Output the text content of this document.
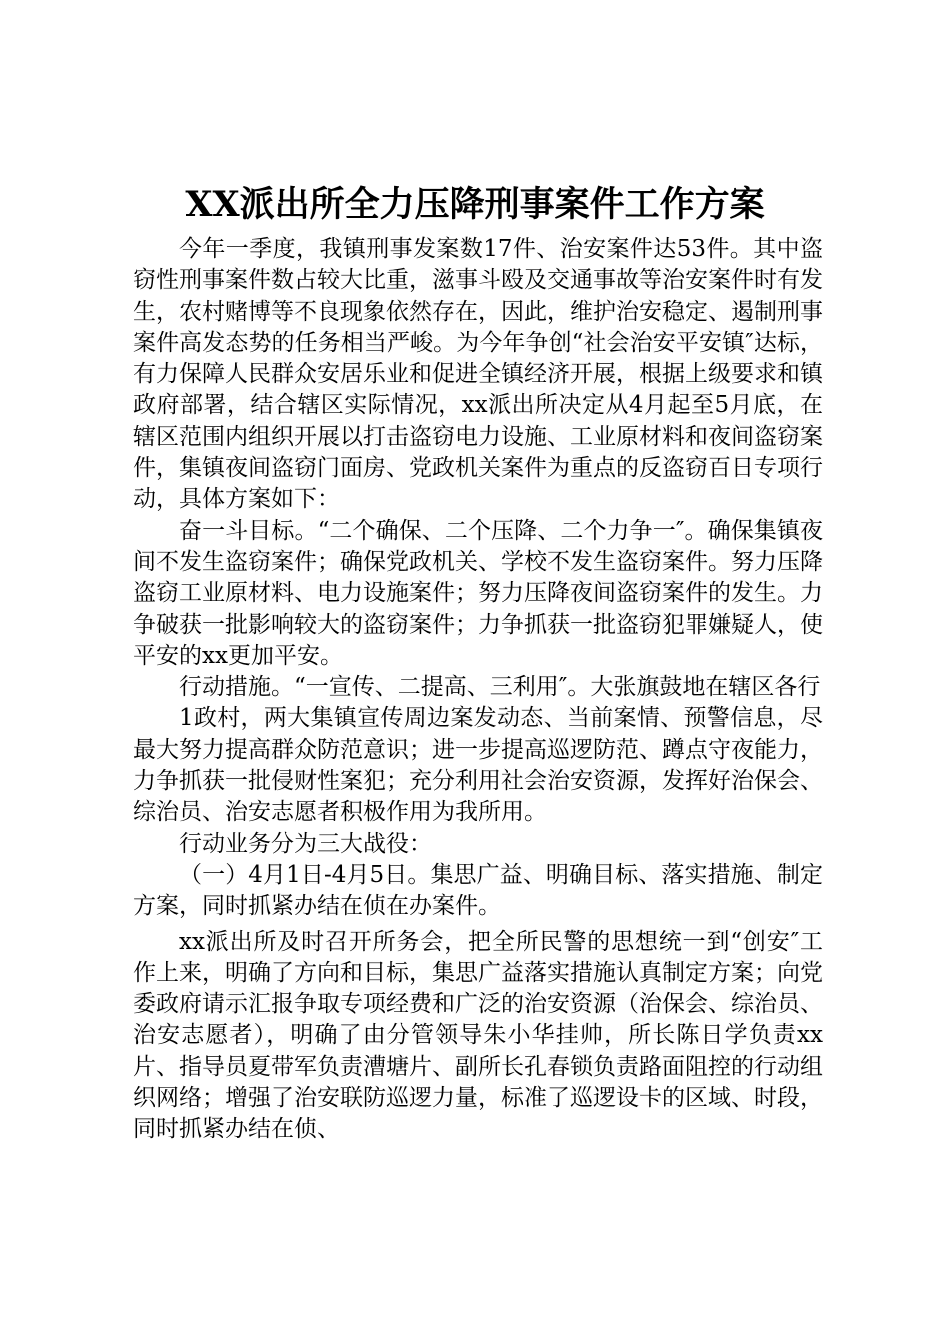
XX派出所全力压降刑事案件工作方案

今年一季度，我镇刑事发案数17件、治安案件达53件。其中盗窃性刑事案件数占较大比重，滋事斗殴及交通事故等治安案件时有发生，农村赌博等不良现象依然存在，因此，维护治安稳定、遏制刑事案件高发态势的任务相当严峻。为今年争创“社会治安平安镇″达标，有力保障人民群众安居乐业和促进全镇经济开展，根据上级要求和镇政府部署，结合辖区实际情况，xx派出所决定从4月起至5月底，在辖区范围内组织开展以打击盗窃电力设施、工业原材料和夜间盗窃案件，集镇夜间盗窃门面房、党政机关案件为重点的反盗窃百日专项行动，具体方案如下：

奋一斗目标。“二个确保、二个压降、二个力争一″。确保集镇夜间不发生盗窃案件；确保党政机关、学校不发生盗窃案件。努力压降盗窃工业原材料、电力设施案件；努力压降夜间盗窃案件的发生。力争破获一批影响较大的盗窃案件；力争抓获一批盗窃犯罪嫌疑人，使平安的xx更加平安。

行动措施。“一宣传、二提高、三利用″。大张旗鼓地在辖区各行

1政村，两大集镇宣传周边案发动态、当前案情、预警信息，尽最大努力提高群众防范意识；进一步提高巡逻防范、蹲点守夜能力，力争抓获一批侵财性案犯；充分利用社会治安资源，发挥好治保会、综治员、治安志愿者积极作用为我所用。

行动业务分为三大战役：

（一）4月1日-4月5日。集思广益、明确目标、落实措施、制定方案，同时抓紧办结在侦在办案件。

xx派出所及时召开所务会，把全所民警的思想统一到“创安″工作上来，明确了方向和目标，集思广益落实措施认真制定方案；向党委政府请示汇报争取专项经费和广泛的治安资源（治保会、综治员、治安志愿者），明确了由分管领导朱小华挂帅，所长陈日学负责xx片、指导员夏带军负责漕塘片、副所长孔春锁负责路面阻控的行动组织网络；增强了治安联防巡逻力量，标准了巡逻设卡的区域、时段，同时抓紧办结在侦、
